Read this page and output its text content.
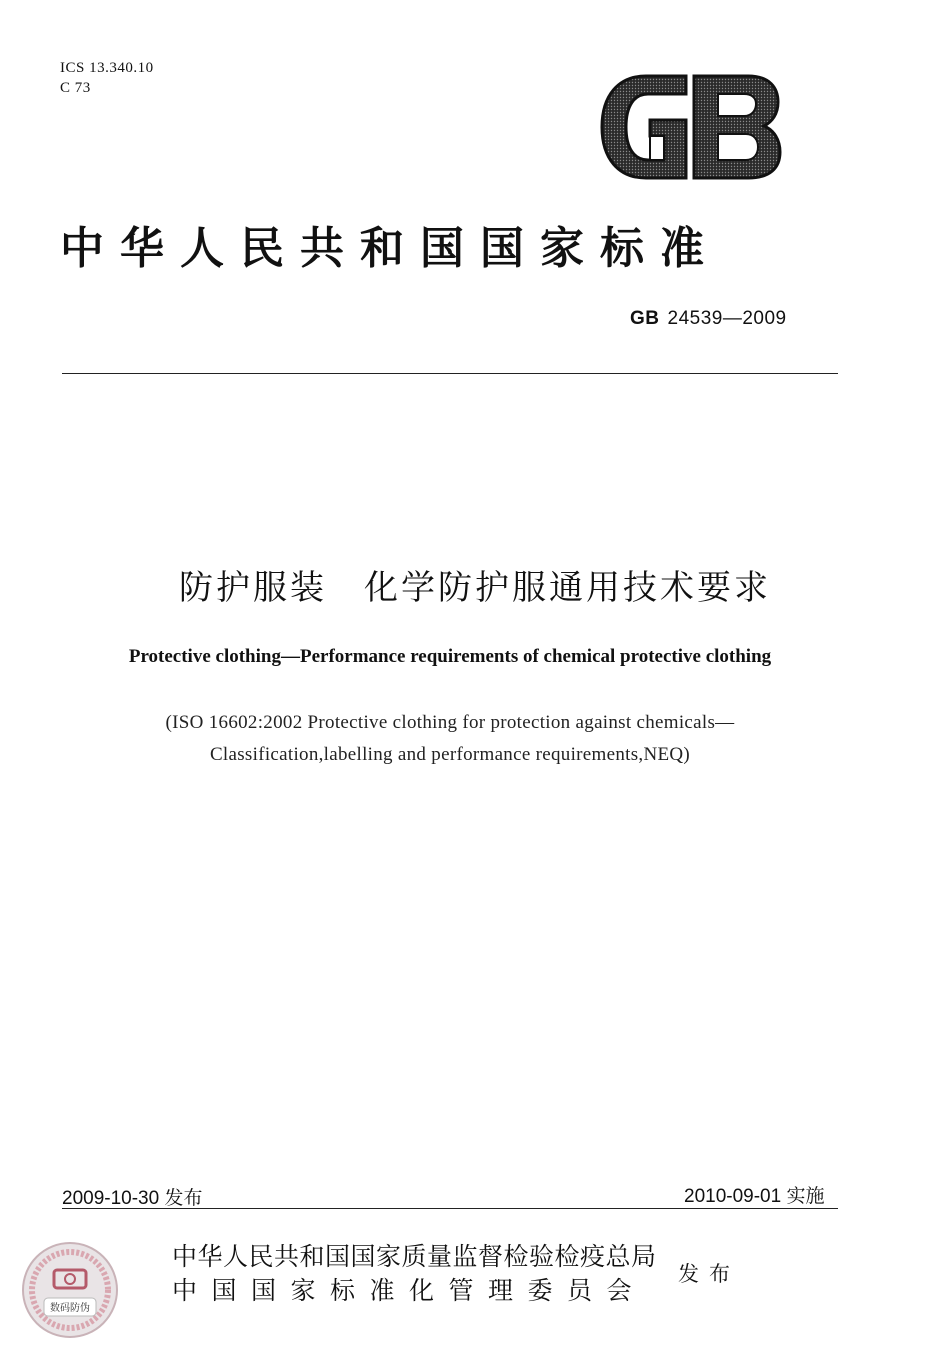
ICS 13.340.10
C 73
中华人民共和国国家标准
GB 24539—2009
防护服装　化学防护服通用技术要求
Protective clothing—Performance requirements of chemical protective clothing
(ISO 16602:2002 Protective clothing for protection against chemicals—
Classification,labelling and performance requirements,NEQ)
2009-10-30 发布	2010-09-01 实施
数码防伪
中华人民共和国国家质量监督检验检疫总局
中国国家标准化管理委员会
发布
